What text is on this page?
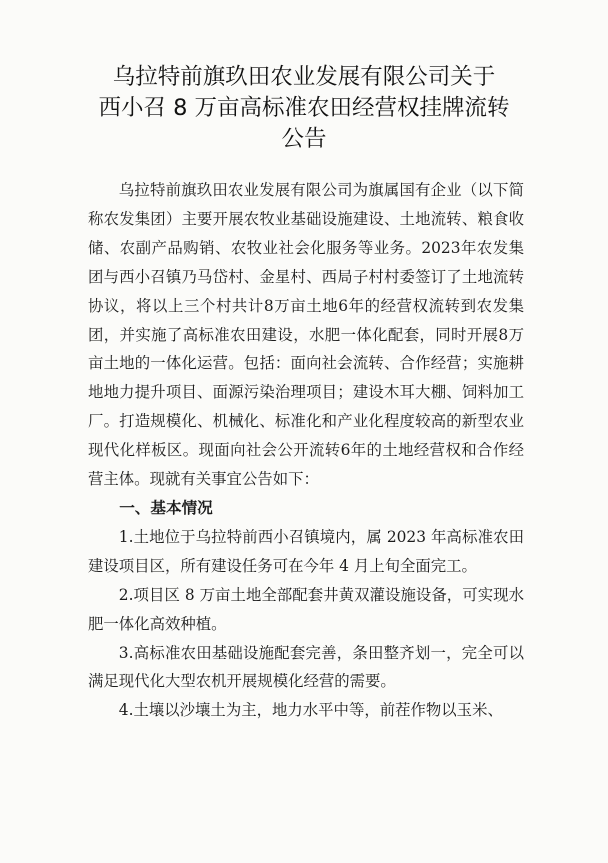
乌拉特前旗玖田农业发展有限公司关于
西小召 8 万亩高标准农田经营权挂牌流转
公告

乌拉特前旗玖田农业发展有限公司为旗属国有企业（以下简称农发集团）主要开展农牧业基础设施建设、土地流转、粮食收储、农副产品购销、农牧业社会化服务等业务。2023年农发集团与西小召镇乃马岱村、金星村、西局子村村委签订了土地流转协议，将以上三个村共计8万亩土地6年的经营权流转到农发集团，并实施了高标准农田建设，水肥一体化配套，同时开展8万亩土地的一体化运营。包括：面向社会流转、合作经营；实施耕地地力提升项目、面源污染治理项目；建设木耳大棚、饲料加工厂。打造规模化、机械化、标准化和产业化程度较高的新型农业现代化样板区。现面向社会公开流转6年的土地经营权和合作经营主体。现就有关事宜公告如下：

一、基本情况

1.土地位于乌拉特前西小召镇境内，属 2023 年高标准农田建设项目区，所有建设任务可在今年 4 月上旬全面完工。

2.项目区 8 万亩土地全部配套井黄双灌设施设备，可实现水肥一体化高效种植。

3.高标准农田基础设施配套完善，条田整齐划一，完全可以满足现代化大型农机开展规模化经营的需要。

4.土壤以沙壤土为主，地力水平中等，前茬作物以玉米、
